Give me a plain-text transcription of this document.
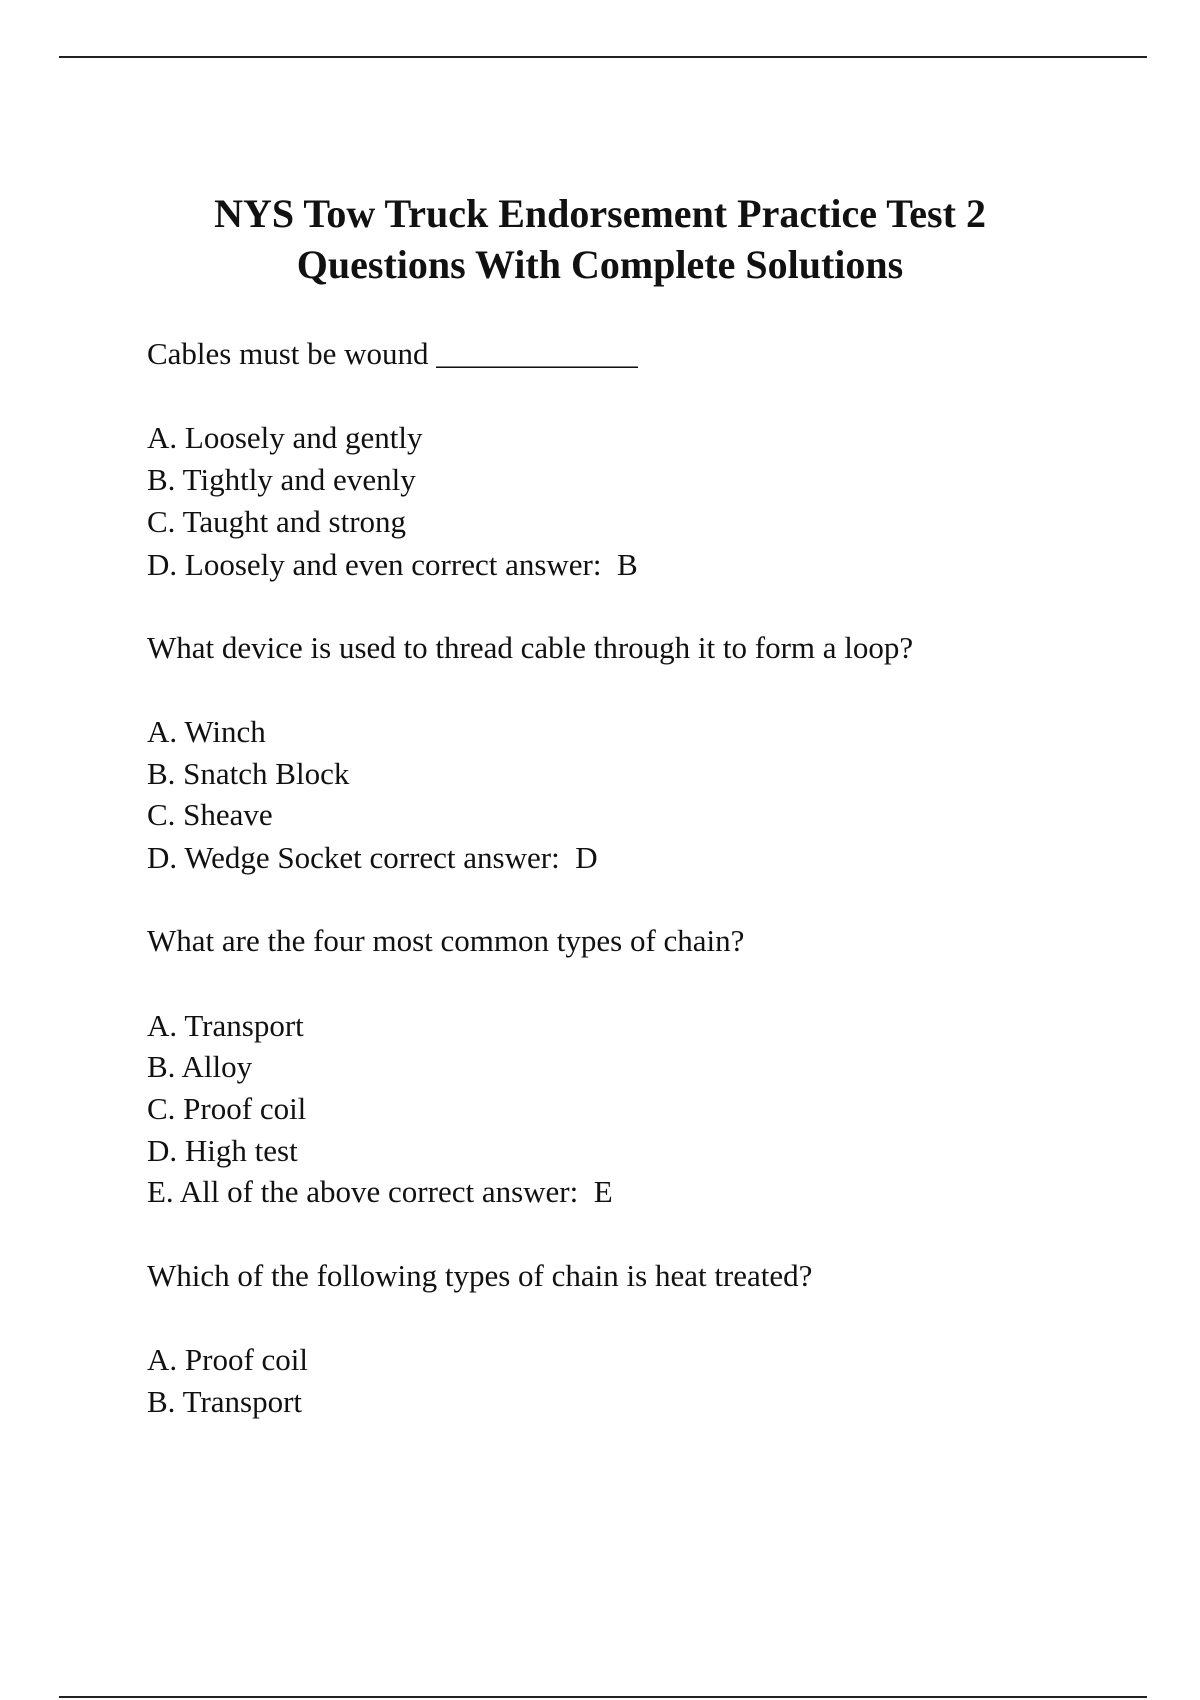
NYS Tow Truck Endorsement Practice Test 2
Questions With Complete Solutions
Cables must be wound _____________
A. Loosely and gently
B. Tightly and evenly
C. Taught and strong
D. Loosely and even correct answer:  B
What device is used to thread cable through it to form a loop?
A. Winch
B. Snatch Block
C. Sheave
D. Wedge Socket correct answer:  D
What are the four most common types of chain?
A. Transport
B. Alloy
C. Proof coil
D. High test
E. All of the above correct answer:  E
Which of the following types of chain is heat treated?
A. Proof coil
B. Transport
